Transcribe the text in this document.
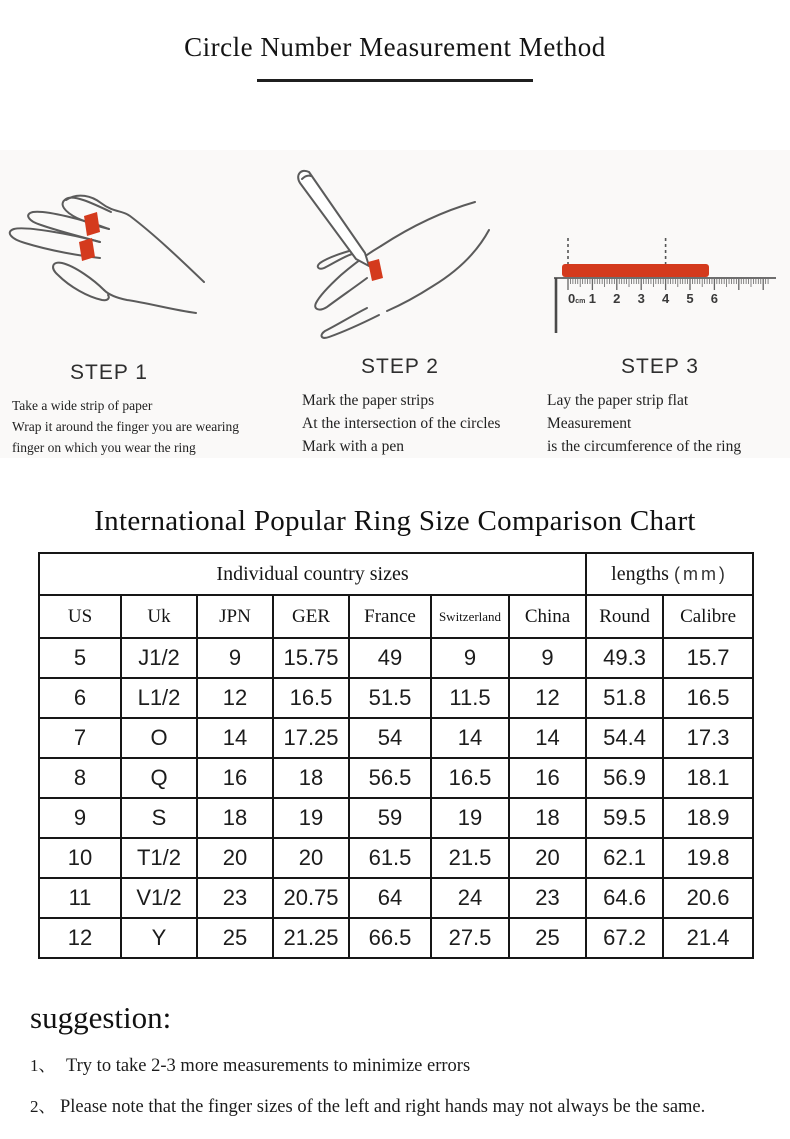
Circle Number Measurement Method
STEP 1
Take a wide strip of paper
Wrap it around the finger you are wearing
finger on which you wear the ring
STEP 2
Mark the paper strips
At the intersection of the circles
Mark with a pen
0cm 1 2 3 4 5 6
STEP 3
Lay the paper strip flat
Measurement
is the circumference of the ring
International Popular Ring Size Comparison Chart
Individual country sizes							lengths (mm)	
US	Uk	JPN	GER	France	Switzerland	China	Round	Calibre
5	J1/2	9	15.75	49	9	9	49.3	15.7
6	L1/2	12	16.5	51.5	11.5	12	51.8	16.5
7	O	14	17.25	54	14	14	54.4	17.3
8	Q	16	18	56.5	16.5	16	56.9	18.1
9	S	18	19	59	19	18	59.5	18.9
10	T1/2	20	20	61.5	21.5	20	62.1	19.8
11	V1/2	23	20.75	64	24	23	64.6	20.6
12	Y	25	21.25	66.5	27.5	25	67.2	21.4
suggestion:
1、 Try to take 2-3 more measurements to minimize errors
2、 Please note that the finger sizes of the left and right hands may not always be the same.
